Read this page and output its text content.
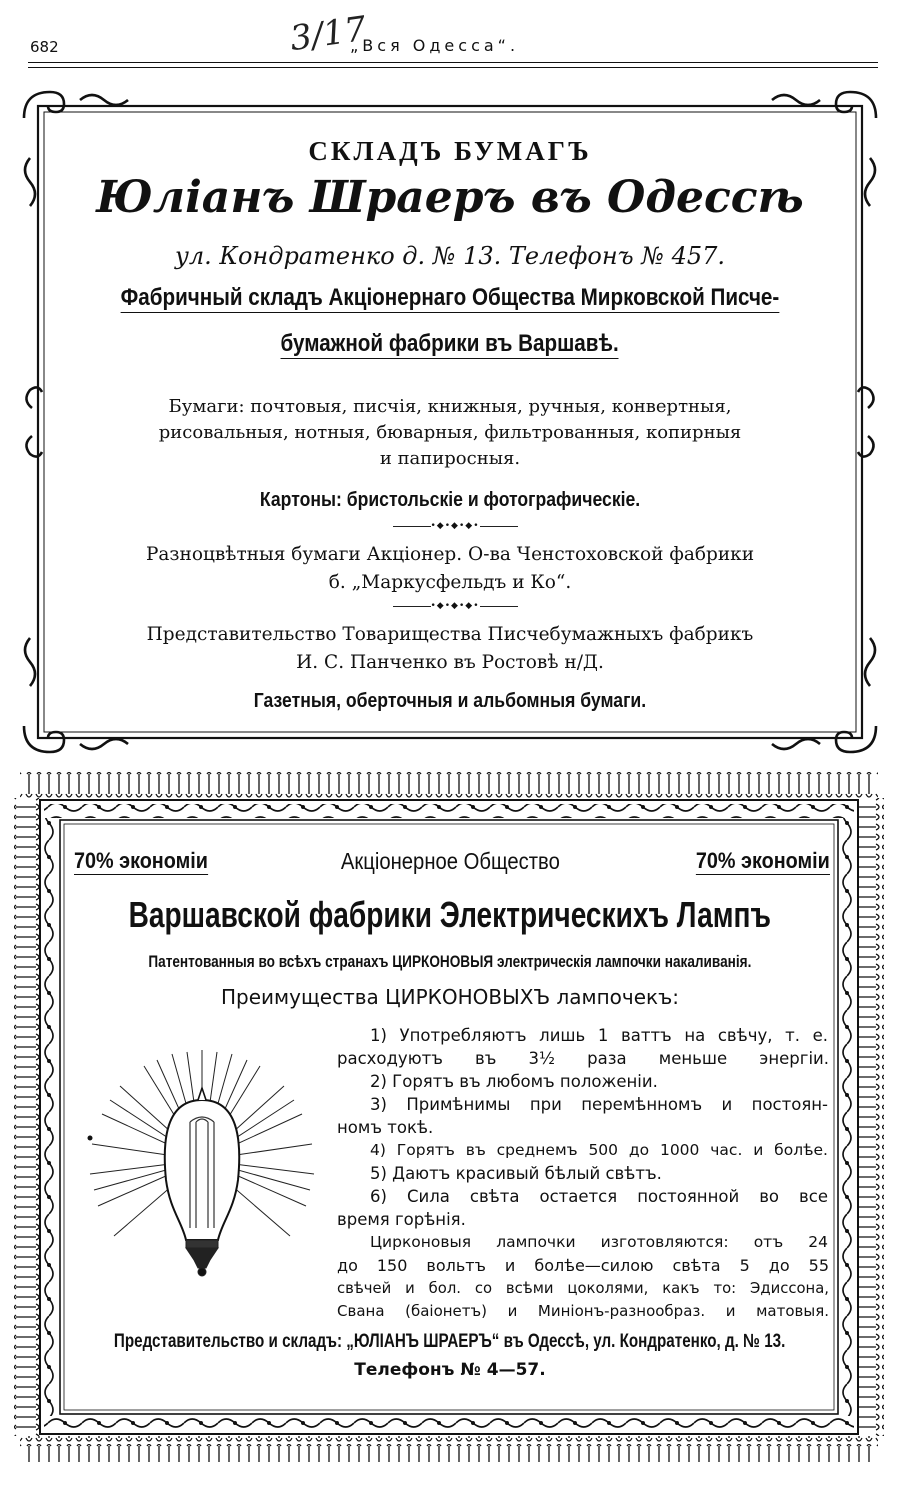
682	„Вся Одесса“.
3/17
СКЛАДЪ БУМАГЪ
Юліанъ Шраеръ въ Одессѣ
ул. Кондратенко д. № 13. Телефонъ № 457.
Фабричный складъ Акціонернаго Общества Мирковской Писче-
бумажной фабрики въ Варшавѣ.
Бумаги: почтовыя, писчія, книжныя, ручныя, конвертныя,
рисовальныя, нотныя, бюварныя, фильтрованныя, копирныя
и папиросныя.
Картоны: бристольскіе и фотографическіе.
•◆•◆•◆•
Разноцвѣтныя бумаги Акціонер. О-ва Ченстоховской фабрики
б. „Маркусфельдъ и Ко“.
•◆•◆•◆•
Представительство Товарищества Писчебумажныхъ фабрикъ
И. С. Панченко въ Ростовѣ н/Д.
Газетныя, оберточныя и альбомныя бумаги.
70% экономіи	70% экономіи
Акціонерное Общество
Варшавской фабрики Электрическихъ Лампъ
Патентованныя во всѣхъ странахъ ЦИРКОНОВЫЯ электрическія лампочки накаливанія.
Преимущества ЦИРКОНОВЫХЪ лампочекъ:
1) Употребляютъ лишь 1 ваттъ на свѣчу, т. е.
расходуютъ въ 3½ раза меньше энергіи.
2) Горятъ въ любомъ положеніи.
3) Примѣнимы при перемѣнномъ и постоян-
номъ токѣ.
4) Горятъ въ среднемъ 500 до 1000 час. и болѣе.
5) Даютъ красивый бѣлый свѣтъ.
6) Сила свѣта остается постоянной во все
время горѣнія.
Цирконовыя лампочки изготовляются: отъ 24
до 150 вольтъ и болѣе—силою свѣта 5 до 55
свѣчей и бол. со всѣми цоколями, какъ то: Эдиссона,
Свана (баіонетъ) и Миніонъ-разнообраз. и матовыя.
Представительство и складъ: „ЮЛІАНЪ ШРАЕРЪ“ въ Одессѣ, ул. Кондратенко, д. № 13.
Телефонъ № 4—57.
